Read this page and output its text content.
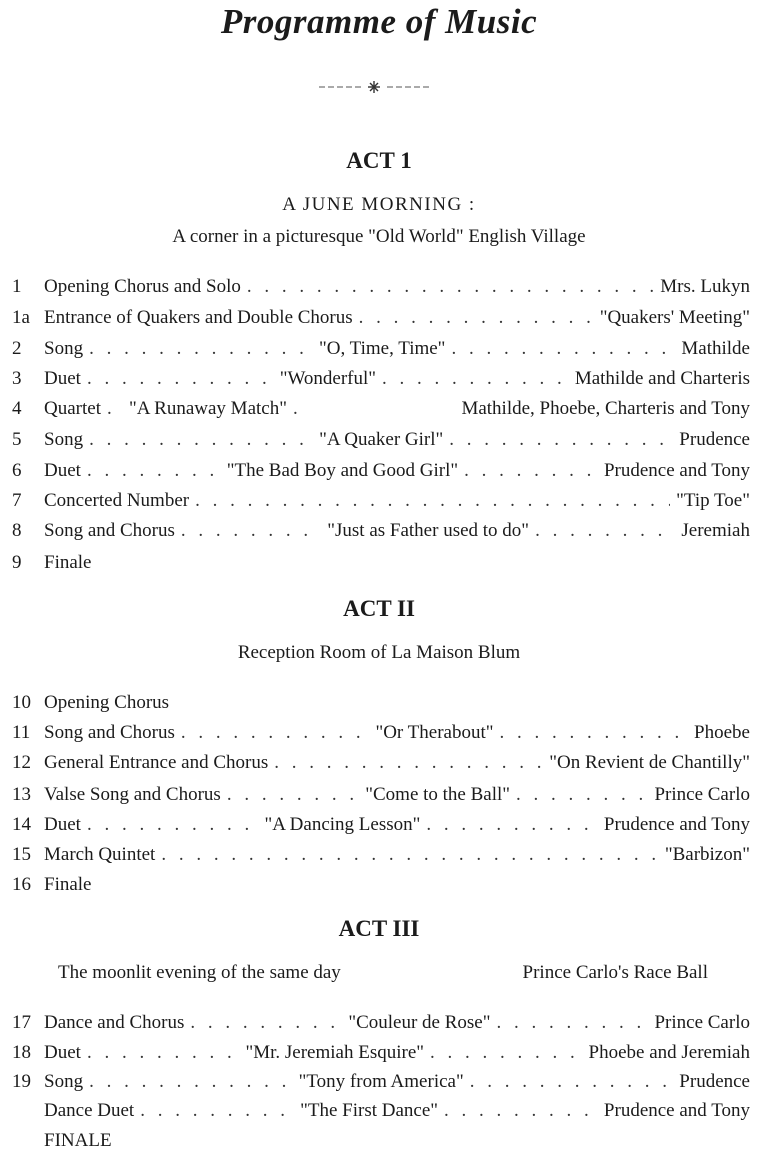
Programme of Music
ACT 1

A JUNE MORNING :

A corner in a picturesque "Old World" English Village

1	Opening Chorus and Solo . . .	Mrs. Lukyn
1a Entrance of Quakers and Double Chorus . . .	"Quakers' Meeting"
2	Song . . .	"O, Time, Time" . . .	Mathilde
3	Duet . . .	"Wonderful" . . .	Mathilde and Charteris
4	Quartet . . . "A Runaway Match" . . .	Mathilde, Phoebe, Charteris and Tony
5	Song . . .	"A Quaker Girl" . . .	Prudence
6	Duet . . .	"The Bad Boy and Good Girl" . . .	Prudence and Tony
7	Concerted Number . . .	"Tip Toe"
8	Song and Chorus . . .	"Just as Father used to do" . . .	Jeremiah
9	Finale
ACT II

Reception Room of La Maison Blum

10 Opening Chorus
11 Song and Chorus . . .	"Or Therabout" . . .	Phoebe
12 General Entrance and Chorus . . .	"On Revient de Chantilly"
13 Valse Song and Chorus . . .	"Come to the Ball" . . .	Prince Carlo
14 Duet . . .	"A Dancing Lesson" . . .	Prudence and Tony
15 March Quintet . . .	"Barbizon"
16 Finale
ACT III
The moonlit evening of the same day	Prince Carlo's Race Ball
17 Dance and Chorus . . .	"Couleur de Rose" . . .	Prince Carlo
18 Duet . . .	"Mr. Jeremiah Esquire" . . .	Phoebe and Jeremiah
19 Song . . .	"Tony from America" . . .	Prudence
Dance Duet . . .	"The First Dance" . . .	Prudence and Tony
FINALE
